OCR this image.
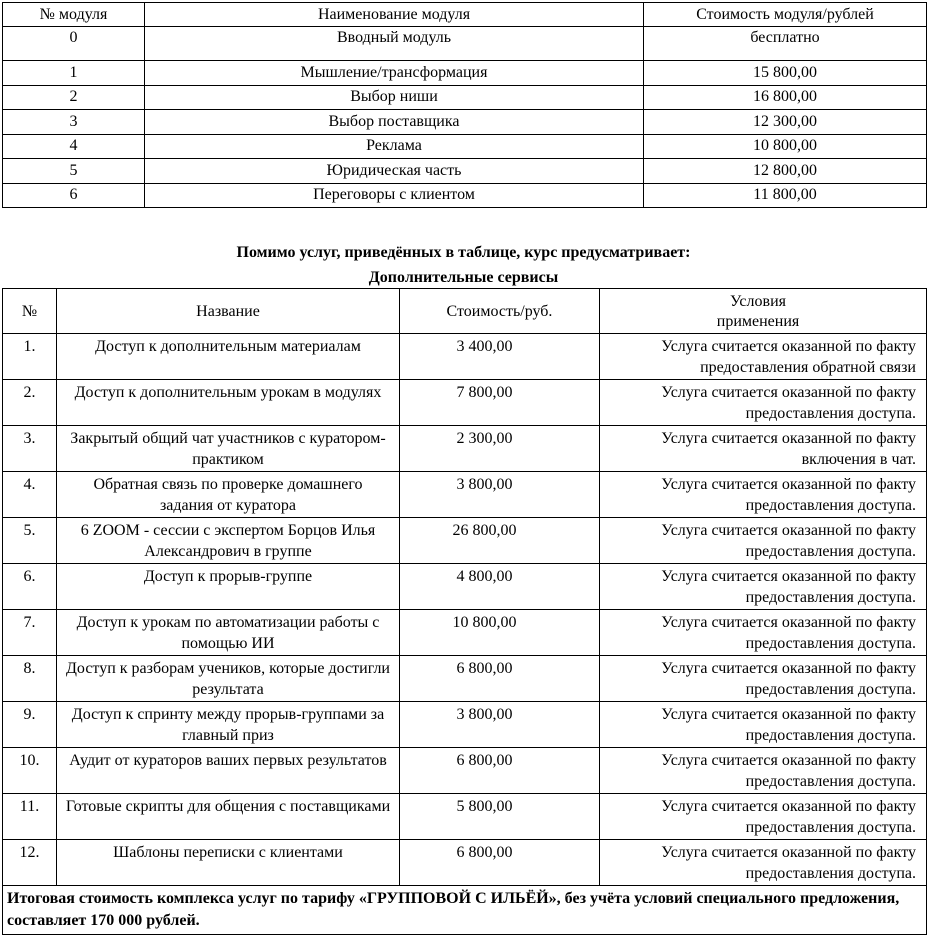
№ модуля	Наименование модуля	Стоимость модуля/рублей
0	Вводный модуль	бесплатно
1	Мышление/трансформация	15 800,00
2	Выбор ниши	16 800,00
3	Выбор поставщика	12 300,00
4	Реклама	10 800,00
5	Юридическая часть	12 800,00
6	Переговоры с клиентом	11 800,00
Помимо услуг, приведённых в таблице, курс предусматривает:
Дополнительные сервисы
№	Название	Стоимость/руб.	Условия
применения

1.	Доступ к дополнительным материалам	3 400,00	Услуга считается оказанной по факту
предоставления обратной связи

2.	Доступ к дополнительным урокам в модулях	7 800,00	Услуга считается оказанной по факту
предоставления доступа.

3.	Закрытый общий чат участников с куратором-практиком	2 300,00	Услуга считается оказанной по факту
включения в чат.

4.	Обратная связь по проверке домашнего задания от куратора	3 800,00	Услуга считается оказанной по факту
предоставления доступа.

5.	6 ZOOM - сессии с экспертом Борцов Илья Александрович в группе	26 800,00	Услуга считается оказанной по факту
предоставления доступа.

6.	Доступ к прорыв-группе	4 800,00	Услуга считается оказанной по факту
предоставления доступа.

7.	Доступ к урокам по автоматизации работы с помощью ИИ	10 800,00	Услуга считается оказанной по факту
предоставления доступа.

8.	Доступ к разборам учеников, которые достигли результата	6 800,00	Услуга считается оказанной по факту
предоставления доступа.

9.	Доступ к спринту между прорыв-группами за главный приз	3 800,00	Услуга считается оказанной по факту
предоставления доступа.

10.	Аудит от кураторов ваших первых результатов	6 800,00	Услуга считается оказанной по факту
предоставления доступа.

11.	Готовые скрипты для общения с поставщиками	5 800,00	Услуга считается оказанной по факту
предоставления доступа.

12.	Шаблоны переписки с клиентами	6 800,00	Услуга считается оказанной по факту
предоставления доступа.

Итоговая стоимость комплекса услуг по тарифу «ГРУППОВОЙ С ИЛЬЁЙ», без учёта условий специального предложения, составляет 170 000 рублей.			
